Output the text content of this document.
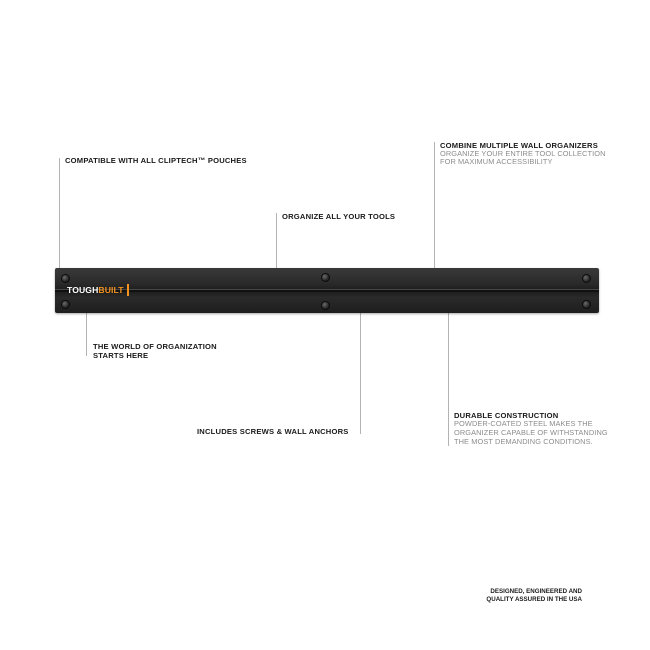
COMPATIBLE WITH ALL CLIPTECH™ POUCHES
ORGANIZE ALL YOUR TOOLS
COMBINE MULTIPLE WALL ORGANIZERS
ORGANIZE YOUR ENTIRE TOOL COLLECTION
FOR MAXIMUM ACCESSIBILITY
THE WORLD OF ORGANIZATION
STARTS HERE
INCLUDES SCREWS & WALL ANCHORS
DURABLE CONSTRUCTION
POWDER-COATED STEEL MAKES THE
ORGANIZER CAPABLE OF WITHSTANDING
THE MOST DEMANDING CONDITIONS.
TOUGH BUILT
DESIGNED, ENGINEERED AND
QUALITY ASSURED IN THE USA
